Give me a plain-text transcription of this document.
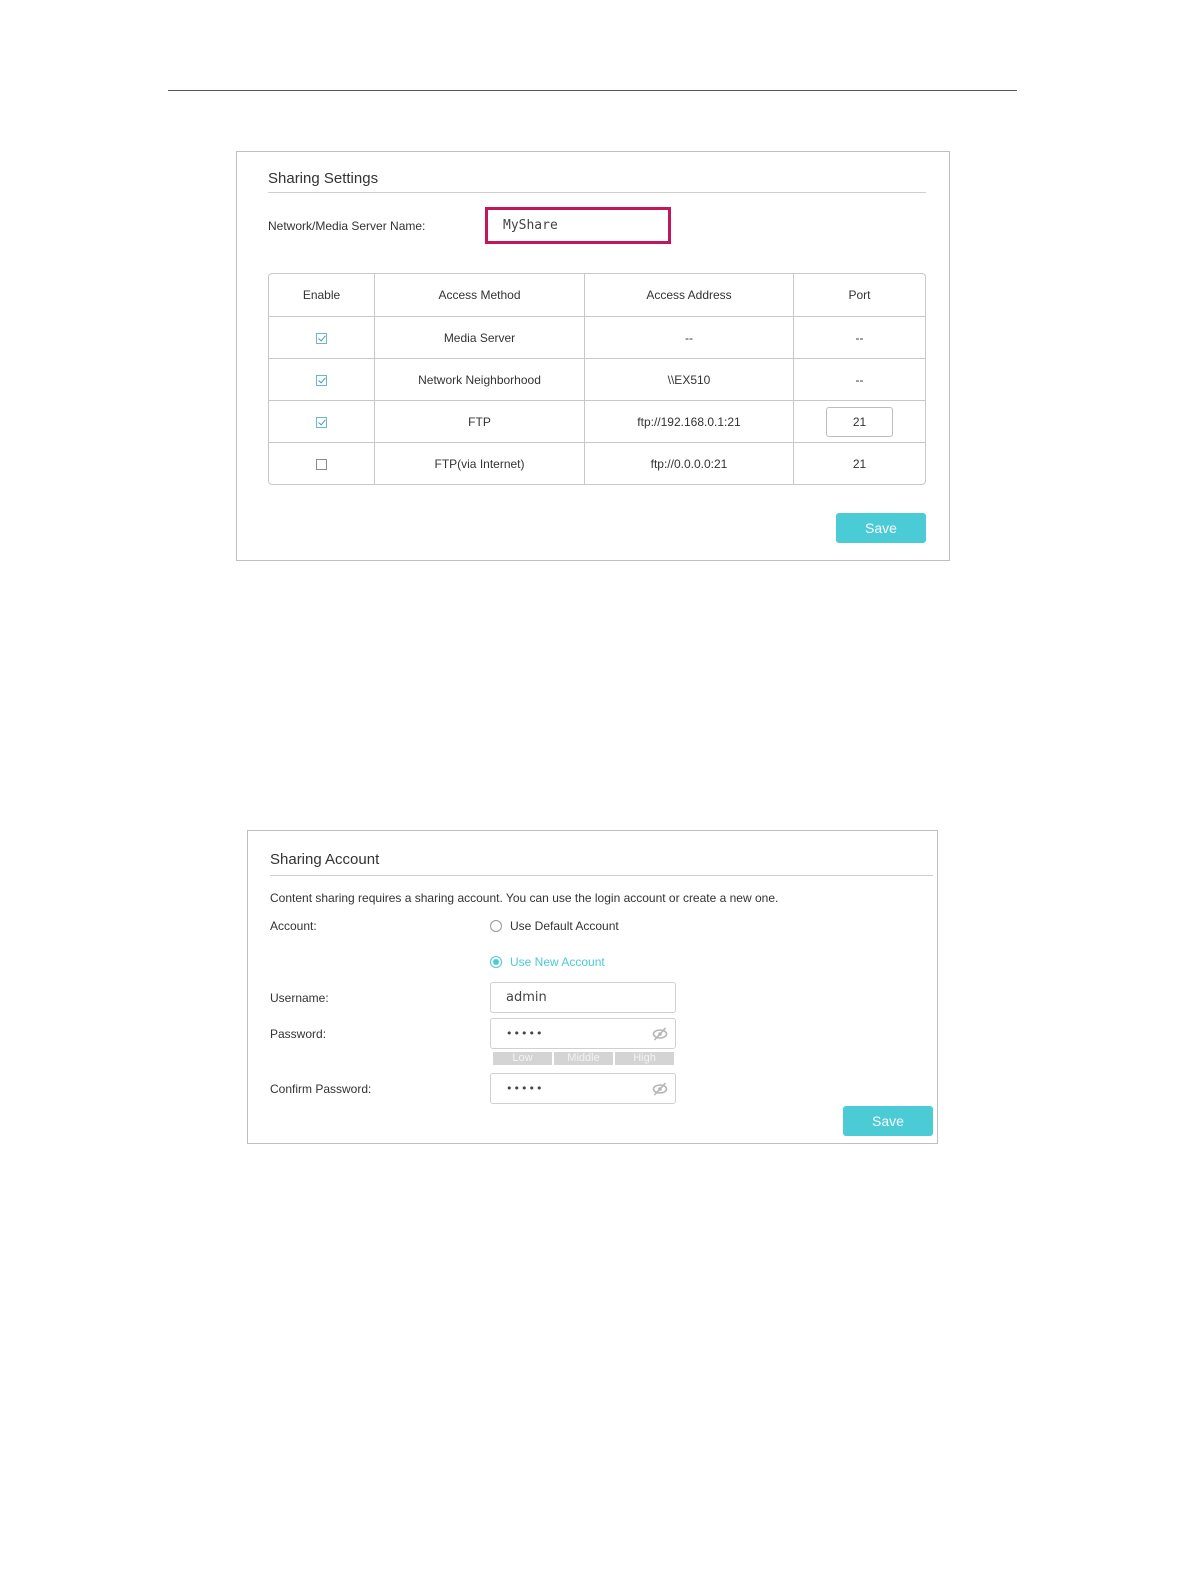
Sharing Settings
Network/Media Server Name:	MyShare
Enable	Access Method	Access Address	Port
	Media Server	--	--
	Network Neighborhood	\\EX510	--
	FTP	ftp://192.168.0.1:21	21
	FTP(via Internet)	ftp://0.0.0.0:21	21
Save
Sharing Account
Content sharing requires a sharing account. You can use the login account or create a new one.
Account:	Use Default Account
Use New Account
Username:	admin
Password:	•••••
Low	Middle	High
Confirm Password:	•••••
Save
